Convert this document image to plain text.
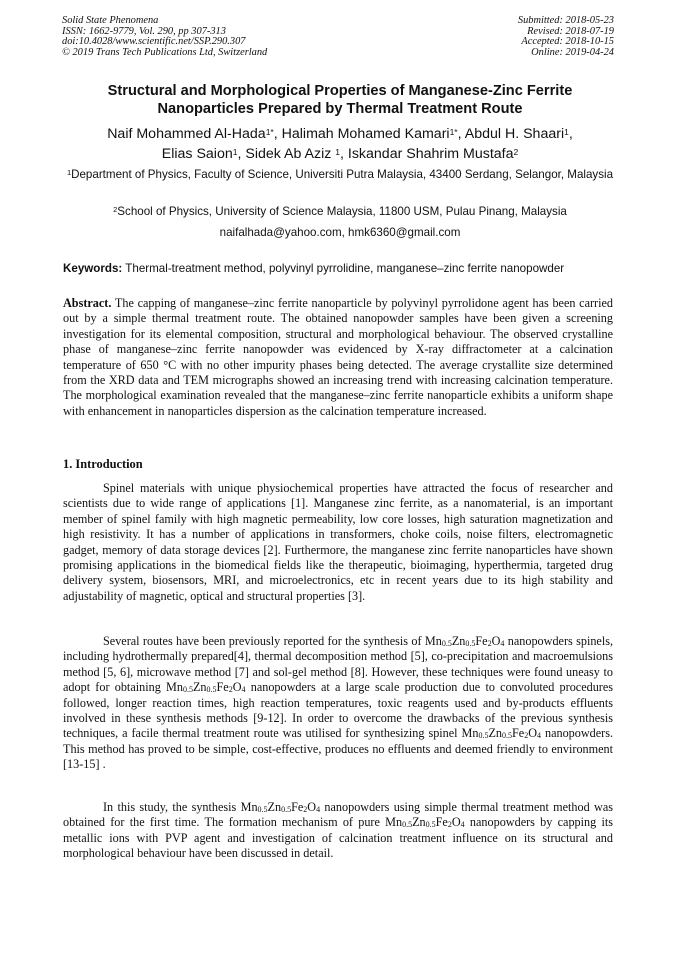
Solid State Phenomena
ISSN: 1662-9779, Vol. 290, pp 307-313
doi:10.4028/www.scientific.net/SSP.290.307
© 2019 Trans Tech Publications Ltd, Switzerland
Submitted: 2018-05-23
Revised: 2018-07-19
Accepted: 2018-10-15
Online: 2019-04-24
Structural and Morphological Properties of Manganese-Zinc Ferrite
Nanoparticles Prepared by Thermal Treatment Route
Naif Mohammed Al-Hada$^{1*}$, Halimah Mohamed Kamari$^{1*}$, Abdul H. Shaari$^1$,
Elias Saion$^1$, Sidek Ab Aziz $^1$, Iskandar Shahrim Mustafa$^2$
$^1$Department of Physics, Faculty of Science, Universiti Putra Malaysia, 43400 Serdang, Selangor, Malaysia
$^2$School of Physics, University of Science Malaysia, 11800 USM, Pulau Pinang, Malaysia
naifalhada@yahoo.com, hmk6360@gmail.com
Keywords: Thermal-treatment method, polyvinyl pyrrolidine, manganese–zinc ferrite nanopowder
Abstract. The capping of manganese–zinc ferrite nanoparticle by polyvinyl pyrrolidone agent has been carried out by a simple thermal treatment route. The obtained nanopowder samples have been given a screening investigation for its elemental composition, structural and morphological behaviour. The observed crystalline phase of manganese–zinc ferrite nanopowder was evidenced by X-ray diffractometer at a calcination temperature of 650 °C with no other impurity phases being detected. The average crystallite size determined from the XRD data and TEM micrographs showed an increasing trend with increasing calcination temperature. The morphological examination revealed that the manganese–zinc ferrite nanoparticle exhibits a uniform shape with enhancement in nanoparticles dispersion as the calcination temperature increased.
1. Introduction
Spinel materials with unique physiochemical properties have attracted the focus of researcher and scientists due to wide range of applications [1]. Manganese zinc ferrite, as a nanomaterial, is an important member of spinel family with high magnetic permeability, low core losses, high saturation magnetization and high resistivity. It has a number of applications in transformers, choke coils, noise filters, electromagnetic gadget, memory of data storage devices [2]. Furthermore, the manganese zinc ferrite nanoparticles have shown promising applications in the biomedical fields like the therapeutic, bioimaging, hyperthermia, targeted drug delivery system, biosensors, MRI, and microelectronics, etc in recent years due to its high stability and adjustability of magnetic, optical and structural properties [3].
Several routes have been previously reported for the synthesis of $Mn_{0.5}Zn_{0.5}Fe_2O_4$ nanopowders spinels, including hydrothermally prepared[4], thermal decomposition method [5], co-precipitation and macroemulsions method [5, 6], microwave method [7] and sol-gel method [8]. However, these techniques were found uneasy to adopt for obtaining $Mn_{0.5}Zn_{0.5}Fe_2O_4$ nanopowders at a large scale production due to convoluted procedures followed, longer reaction times, high reaction temperatures, toxic reagents used and by-products effluents involved in these synthesis methods [9-12]. In order to overcome the drawbacks of the previous synthesis techniques, a facile thermal treatment route was utilised for synthesizing spinel $Mn_{0.5}Zn_{0.5}Fe_2O_4$ nanopowders. This method has proved to be simple, cost-effective, produces no effluents and deemed friendly to environment [13-15] .
In this study, the synthesis $Mn_{0.5}Zn_{0.5}Fe_2O_4$ nanopowders using simple thermal treatment method was obtained for the first time. The formation mechanism of pure $Mn_{0.5}Zn_{0.5}Fe_2O_4$ nanopowders by capping its metallic ions with PVP agent and investigation of calcination treatment influence on its structural and morphological behaviour have been discussed in detail.
